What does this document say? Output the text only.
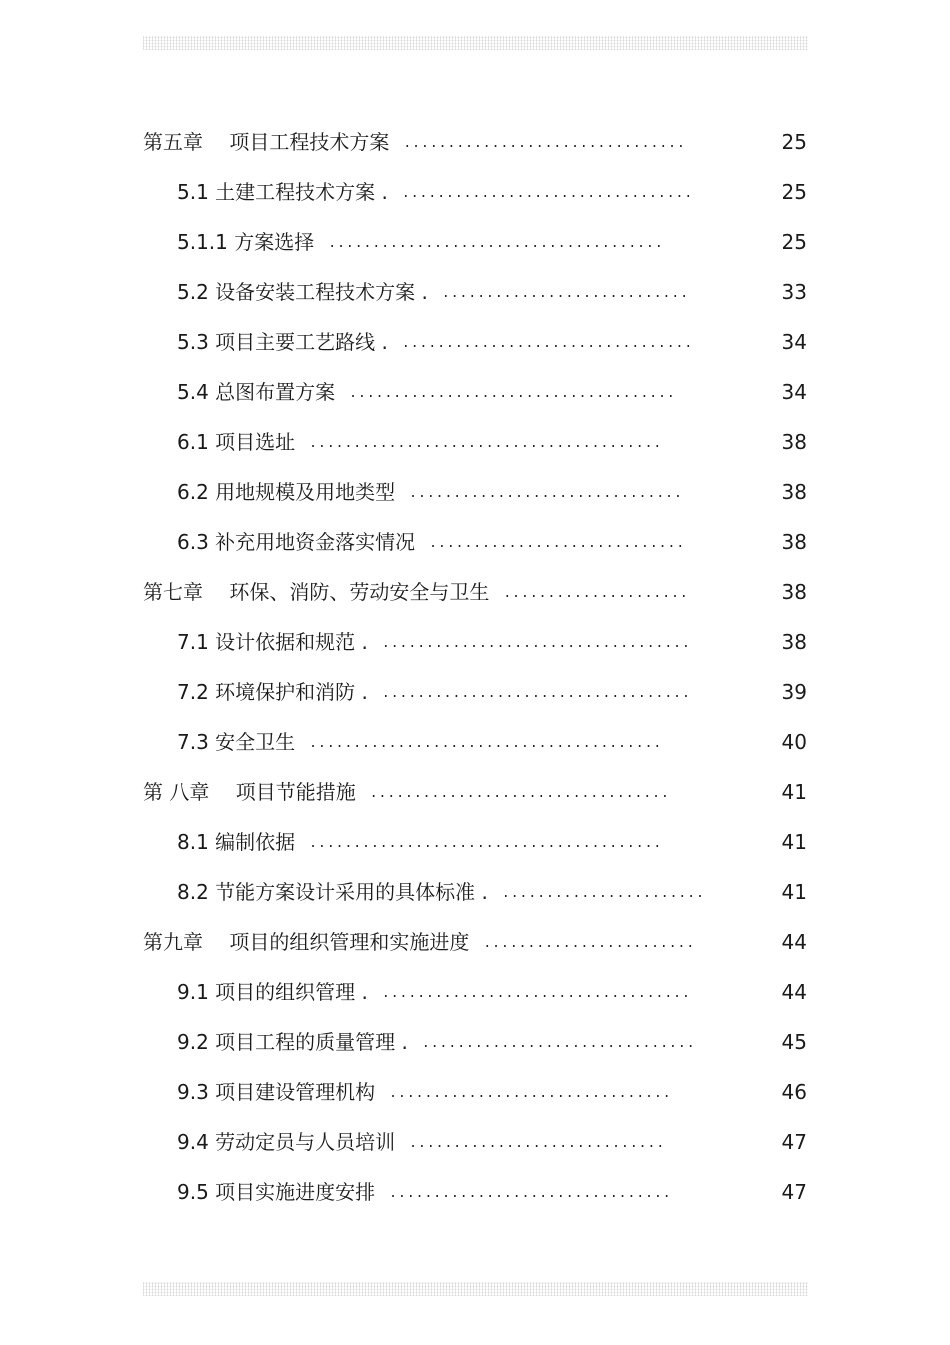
第五章　 项目工程技术方案 ................................	25
5.1 土建工程技术方案 . .................................	25
5.1.1 方案选择 ......................................	25
5.2 设备安装工程技术方案 . ............................	33
5.3 项目主要工艺路线 . .................................	34
5.4 总图布置方案 .....................................	34
6.1 项目选址 ........................................	38
6.2 用地规模及用地类型 ...............................	38
6.3 补充用地资金落实情况 .............................	38
第七章　 环保、消防、劳动安全与卫生 .....................	38
7.1 设计依据和规范 . ...................................	38
7.2 环境保护和消防 . ...................................	39
7.3 安全卫生 ........................................	40
第 八章　 项目节能措施 ..................................	41
8.1 编制依据 ........................................	41
8.2 节能方案设计采用的具体标准 . .......................	41
第九章　 项目的组织管理和实施进度 ........................	44
9.1 项目的组织管理 . ...................................	44
9.2 项目工程的质量管理 . ...............................	45
9.3 项目建设管理机构 ................................	46
9.4 劳动定员与人员培训 .............................	47
9.5 项目实施进度安排 ................................	47
